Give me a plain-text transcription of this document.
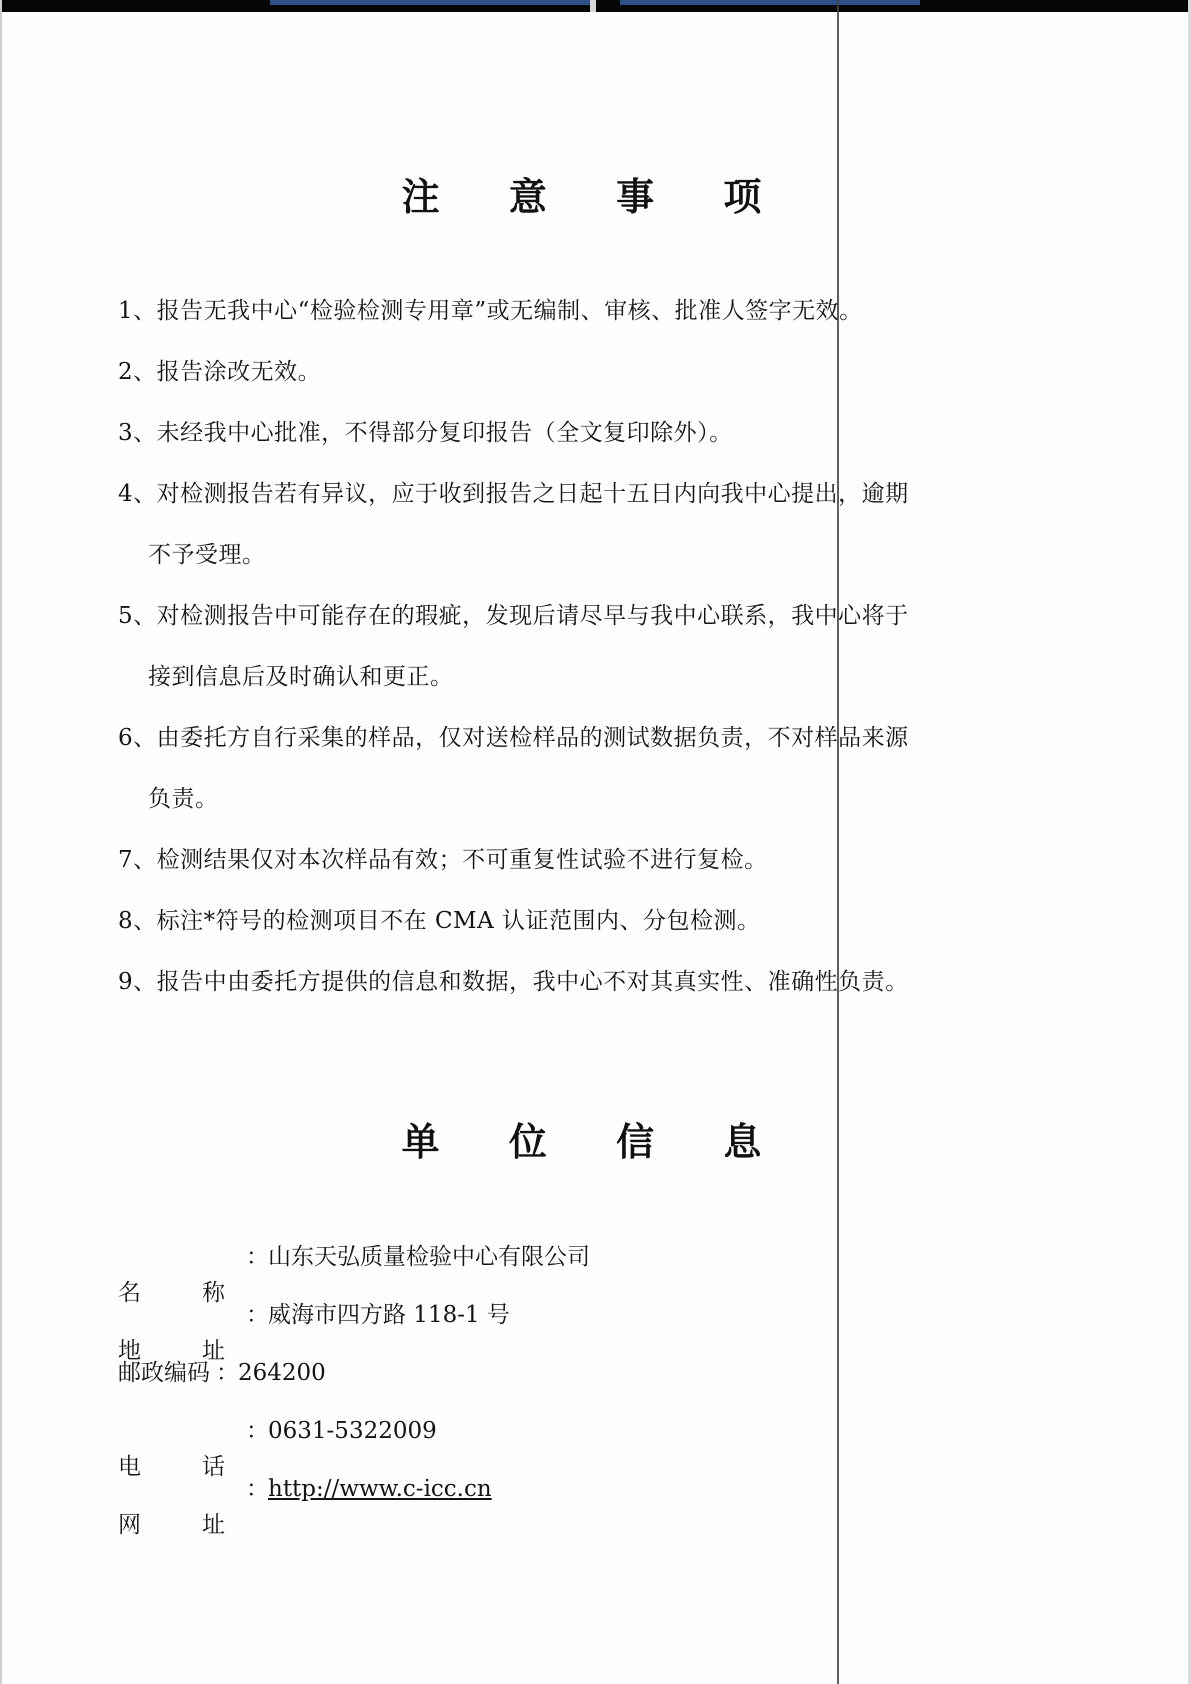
注 意 事 项
1、报告无我中心“检验检测专用章”或无编制、审核、批准人签字无效。
2、报告涂改无效。
3、未经我中心批准，不得部分复印报告（全文复印除外）。
4、对检测报告若有异议，应于收到报告之日起十五日内向我中心提出，逾期
不予受理。
5、对检测报告中可能存在的瑕疵，发现后请尽早与我中心联系，我中心将于
接到信息后及时确认和更正。
6、由委托方自行采集的样品，仅对送检样品的测试数据负责，不对样品来源
负责。
7、检测结果仅对本次样品有效；不可重复性试验不进行复检。
8、标注*符号的检测项目不在 CMA 认证范围内、分包检测。
9、报告中由委托方提供的信息和数据，我中心不对其真实性、准确性负责。
单 位 信 息
名	称
：山东天弘质量检验中心有限公司
地	址
：威海市四方路 118-1 号
邮政编码 ：264200
电	话
：0631-5322009
网	址
：http://www.c-icc.cn
